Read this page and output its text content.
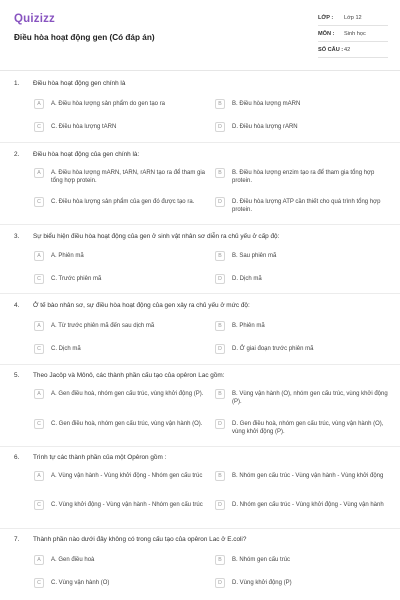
Quizizz
Điều hòa hoạt động gen (Có đáp án)
LỚP : Lớp 12
MÔN : Sinh học
SỐ CÂU : 42
1. Điều hòa hoạt động gen chính là
A	A. Điều hòa lượng sản phẩm do gen tạo ra	B	B. Điều hòa lượng mARN
C	C. Điều hòa lượng tARN	D	D. Điều hòa lượng rARN
2. Điều hòa hoạt động của gen chính là:
A	A. Điều hòa lượng mARN, tARN, rARN tạo ra để tham gia tổng hợp protein.
B	B. Điều hòa lượng enzim tạo ra để tham gia tổng hợp protein.
C	C. Điều hòa lượng sản phẩm của gen đó được tạo ra.	D	D. Điều hòa lượng ATP cần thiết cho quá trình tổng hợp protein.
3. Sự biểu hiện điều hòa hoạt động của gen ở sinh vật nhân sơ diễn ra chủ yếu ở cấp độ:
A	A. Phiên mã	B	B. Sau phiên mã
C	C. Trước phiên mã	D	D. Dịch mã
4. Ở tế bào nhân sơ, sự điều hòa hoạt động của gen xảy ra chủ yếu ở mức độ:
A	A. Từ trước phiên mã đến sau dịch mã	B	B. Phiên mã
C	C. Dịch mã	D	D. Ở giai đoạn trước phiên mã
5. Theo Jacôp và Mônô, các thành phần cấu tạo của opêron Lac gồm:
A	A. Gen điều hoà, nhóm gen cấu trúc, vùng khởi động (P).	B	B. Vùng vận hành (O), nhóm gen cấu trúc, vùng khởi động (P).
C	C. Gen điều hoà, nhóm gen cấu trúc, vùng vận hành (O).	D	D. Gen điều hoà, nhóm gen cấu trúc, vùng vận hành (O), vùng khởi động (P).
6. Trình tự các thành phần của một Opêron gồm :
A	A. Vùng vận hành - Vùng khởi động - Nhóm gen cấu trúc	B	B. Nhóm gen cấu trúc - Vùng vận hành - Vùng khởi động
C	C. Vùng khởi động - Vùng vận hành - Nhóm gen cấu trúc	D	D. Nhóm gen cấu trúc - Vùng khởi động - Vùng vận hành
7. Thành phần nào dưới đây không có trong cấu tạo của opêron Lac ở E.coli?
A	A. Gen điều hoà	B	B. Nhóm gen cấu trúc
C	C. Vùng vận hành (O)	D	D. Vùng khởi động (P)
